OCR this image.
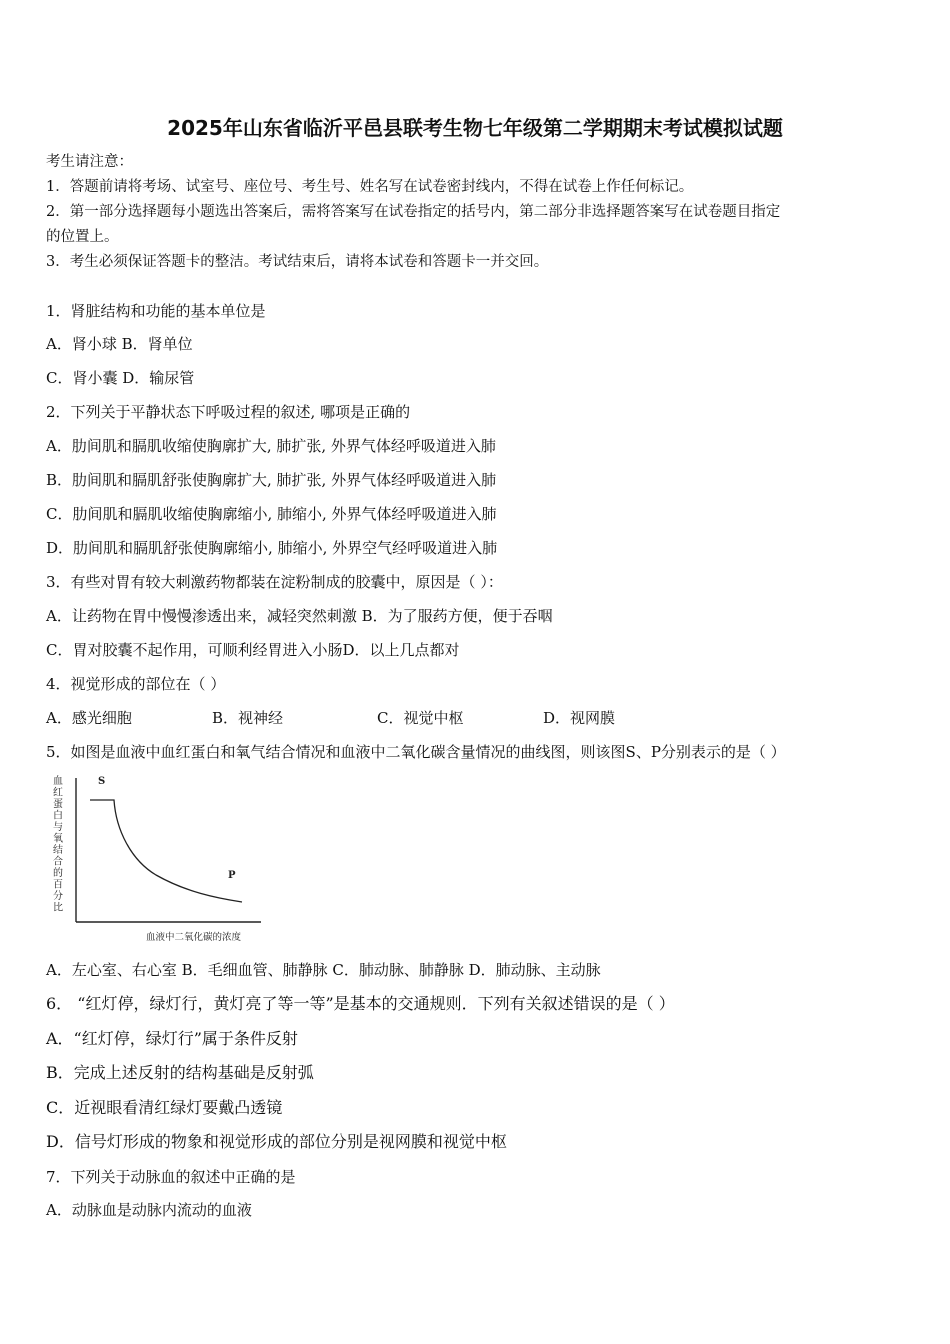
2025年山东省临沂平邑县联考生物七年级第二学期期末考试模拟试题
考生请注意：
1．答题前请将考场、试室号、座位号、考生号、姓名写在试卷密封线内，不得在试卷上作任何标记。
2．第一部分选择题每小题选出答案后，需将答案写在试卷指定的括号内，第二部分非选择题答案写在试卷题目指定
的位置上。
3．考生必须保证答题卡的整洁。考试结束后，请将本试卷和答题卡一并交回。
1．肾脏结构和功能的基本单位是
A．肾小球 B．肾单位
C．肾小囊 D．输尿管
2．下列关于平静状态下呼吸过程的叙述, 哪项是正确的
A．肋间肌和膈肌收缩使胸廓扩大, 肺扩张, 外界气体经呼吸道进入肺
B．肋间肌和膈肌舒张使胸廓扩大, 肺扩张, 外界气体经呼吸道进入肺
C．肋间肌和膈肌收缩使胸廓缩小, 肺缩小, 外界气体经呼吸道进入肺
D．肋间肌和膈肌舒张使胸廓缩小, 肺缩小, 外界空气经呼吸道进入肺
3．有些对胃有较大刺激药物都装在淀粉制成的胶囊中，原因是（ ）：
A．让药物在胃中慢慢渗透出来，减轻突然刺激 B．为了服药方便，便于吞咽
C．胃对胶囊不起作用，可顺利经胃进入小肠D．以上几点都对
4．视觉形成的部位在（ ）
A．感光细胞	B．视神经	C．视觉中枢	D．视网膜
5．如图是血液中血红蛋白和氧气结合情况和血液中二氧化碳含量情况的曲线图，则该图S、P分别表示的是（ ）
血红蛋白与氧结合的百分比
S
P
血液中二氧化碳的浓度
A．左心室、右心室 B．毛细血管、肺静脉 C．肺动脉、肺静脉 D．肺动脉、主动脉
6． “红灯停，绿灯行，黄灯亮了等一等”是基本的交通规则．下列有关叙述错误的是（ ）
A．“红灯停，绿灯行”属于条件反射
B．完成上述反射的结构基础是反射弧
C．近视眼看清红绿灯要戴凸透镜
D．信号灯形成的物象和视觉形成的部位分别是视网膜和视觉中枢
7．下列关于动脉血的叙述中正确的是
A．动脉血是动脉内流动的血液
